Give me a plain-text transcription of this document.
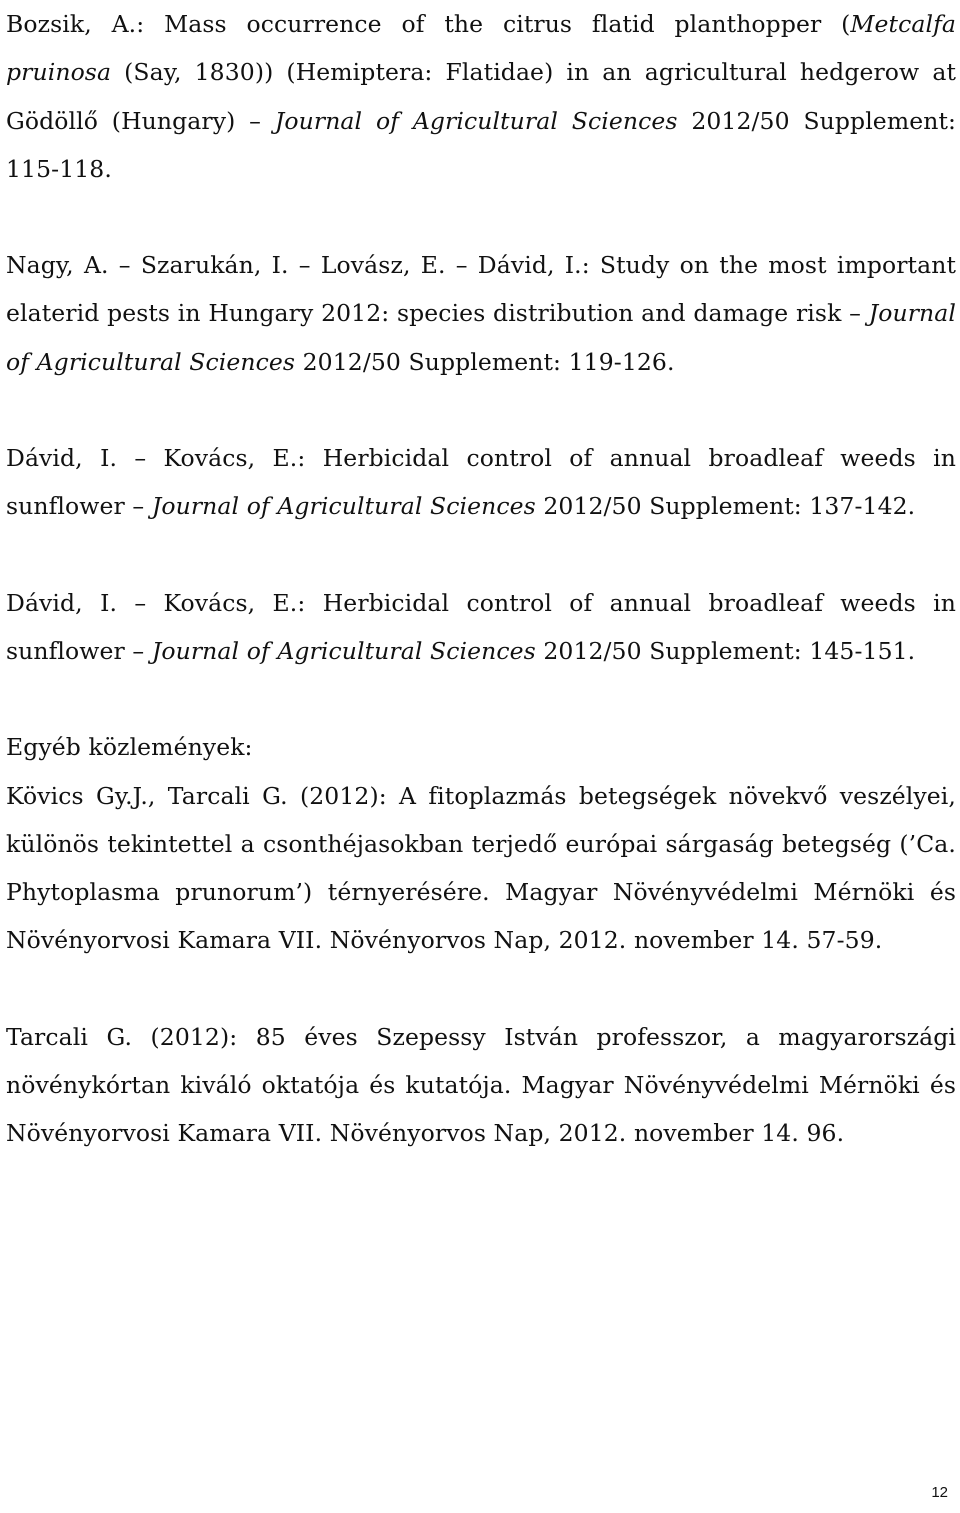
Bozsik, A.: Mass occurrence of the citrus flatid planthopper (Metcalfa pruinosa (Say, 1830)) (Hemiptera: Flatidae) in an agricultural hedgerow at Gödöllő (Hungary) – Journal of Agricultural Sciences 2012/50 Supplement: 115-118.

Nagy, A. – Szarukán, I. – Lovász, E. – Dávid, I.: Study on the most important elaterid pests in Hungary 2012: species distribution and damage risk – Journal of Agricultural Sciences 2012/50 Supplement: 119-126.

Dávid, I. – Kovács, E.: Herbicidal control of annual broadleaf weeds in sunflower – Journal of Agricultural Sciences 2012/50 Supplement: 137-142.

Dávid, I. – Kovács, E.: Herbicidal control of annual broadleaf weeds in sunflower – Journal of Agricultural Sciences 2012/50 Supplement: 145-151.

Egyéb közlemények:

Kövics Gy.J., Tarcali G. (2012): A fitoplazmás betegségek növekvő veszélyei, különös tekintettel a csonthéjasokban terjedő európai sárgaság betegség (’Ca. Phytoplasma prunorum’) térnyerésére. Magyar Növényvédelmi Mérnöki és Növényorvosi Kamara VII. Növényorvos Nap, 2012. november 14. 57-59.

Tarcali G. (2012): 85 éves Szepessy István professzor, a magyarországi növénykórtan kiváló oktatója és kutatója. Magyar Növényvédelmi Mérnöki és Növényorvosi Kamara VII. Növényorvos Nap, 2012. november 14. 96.

12
